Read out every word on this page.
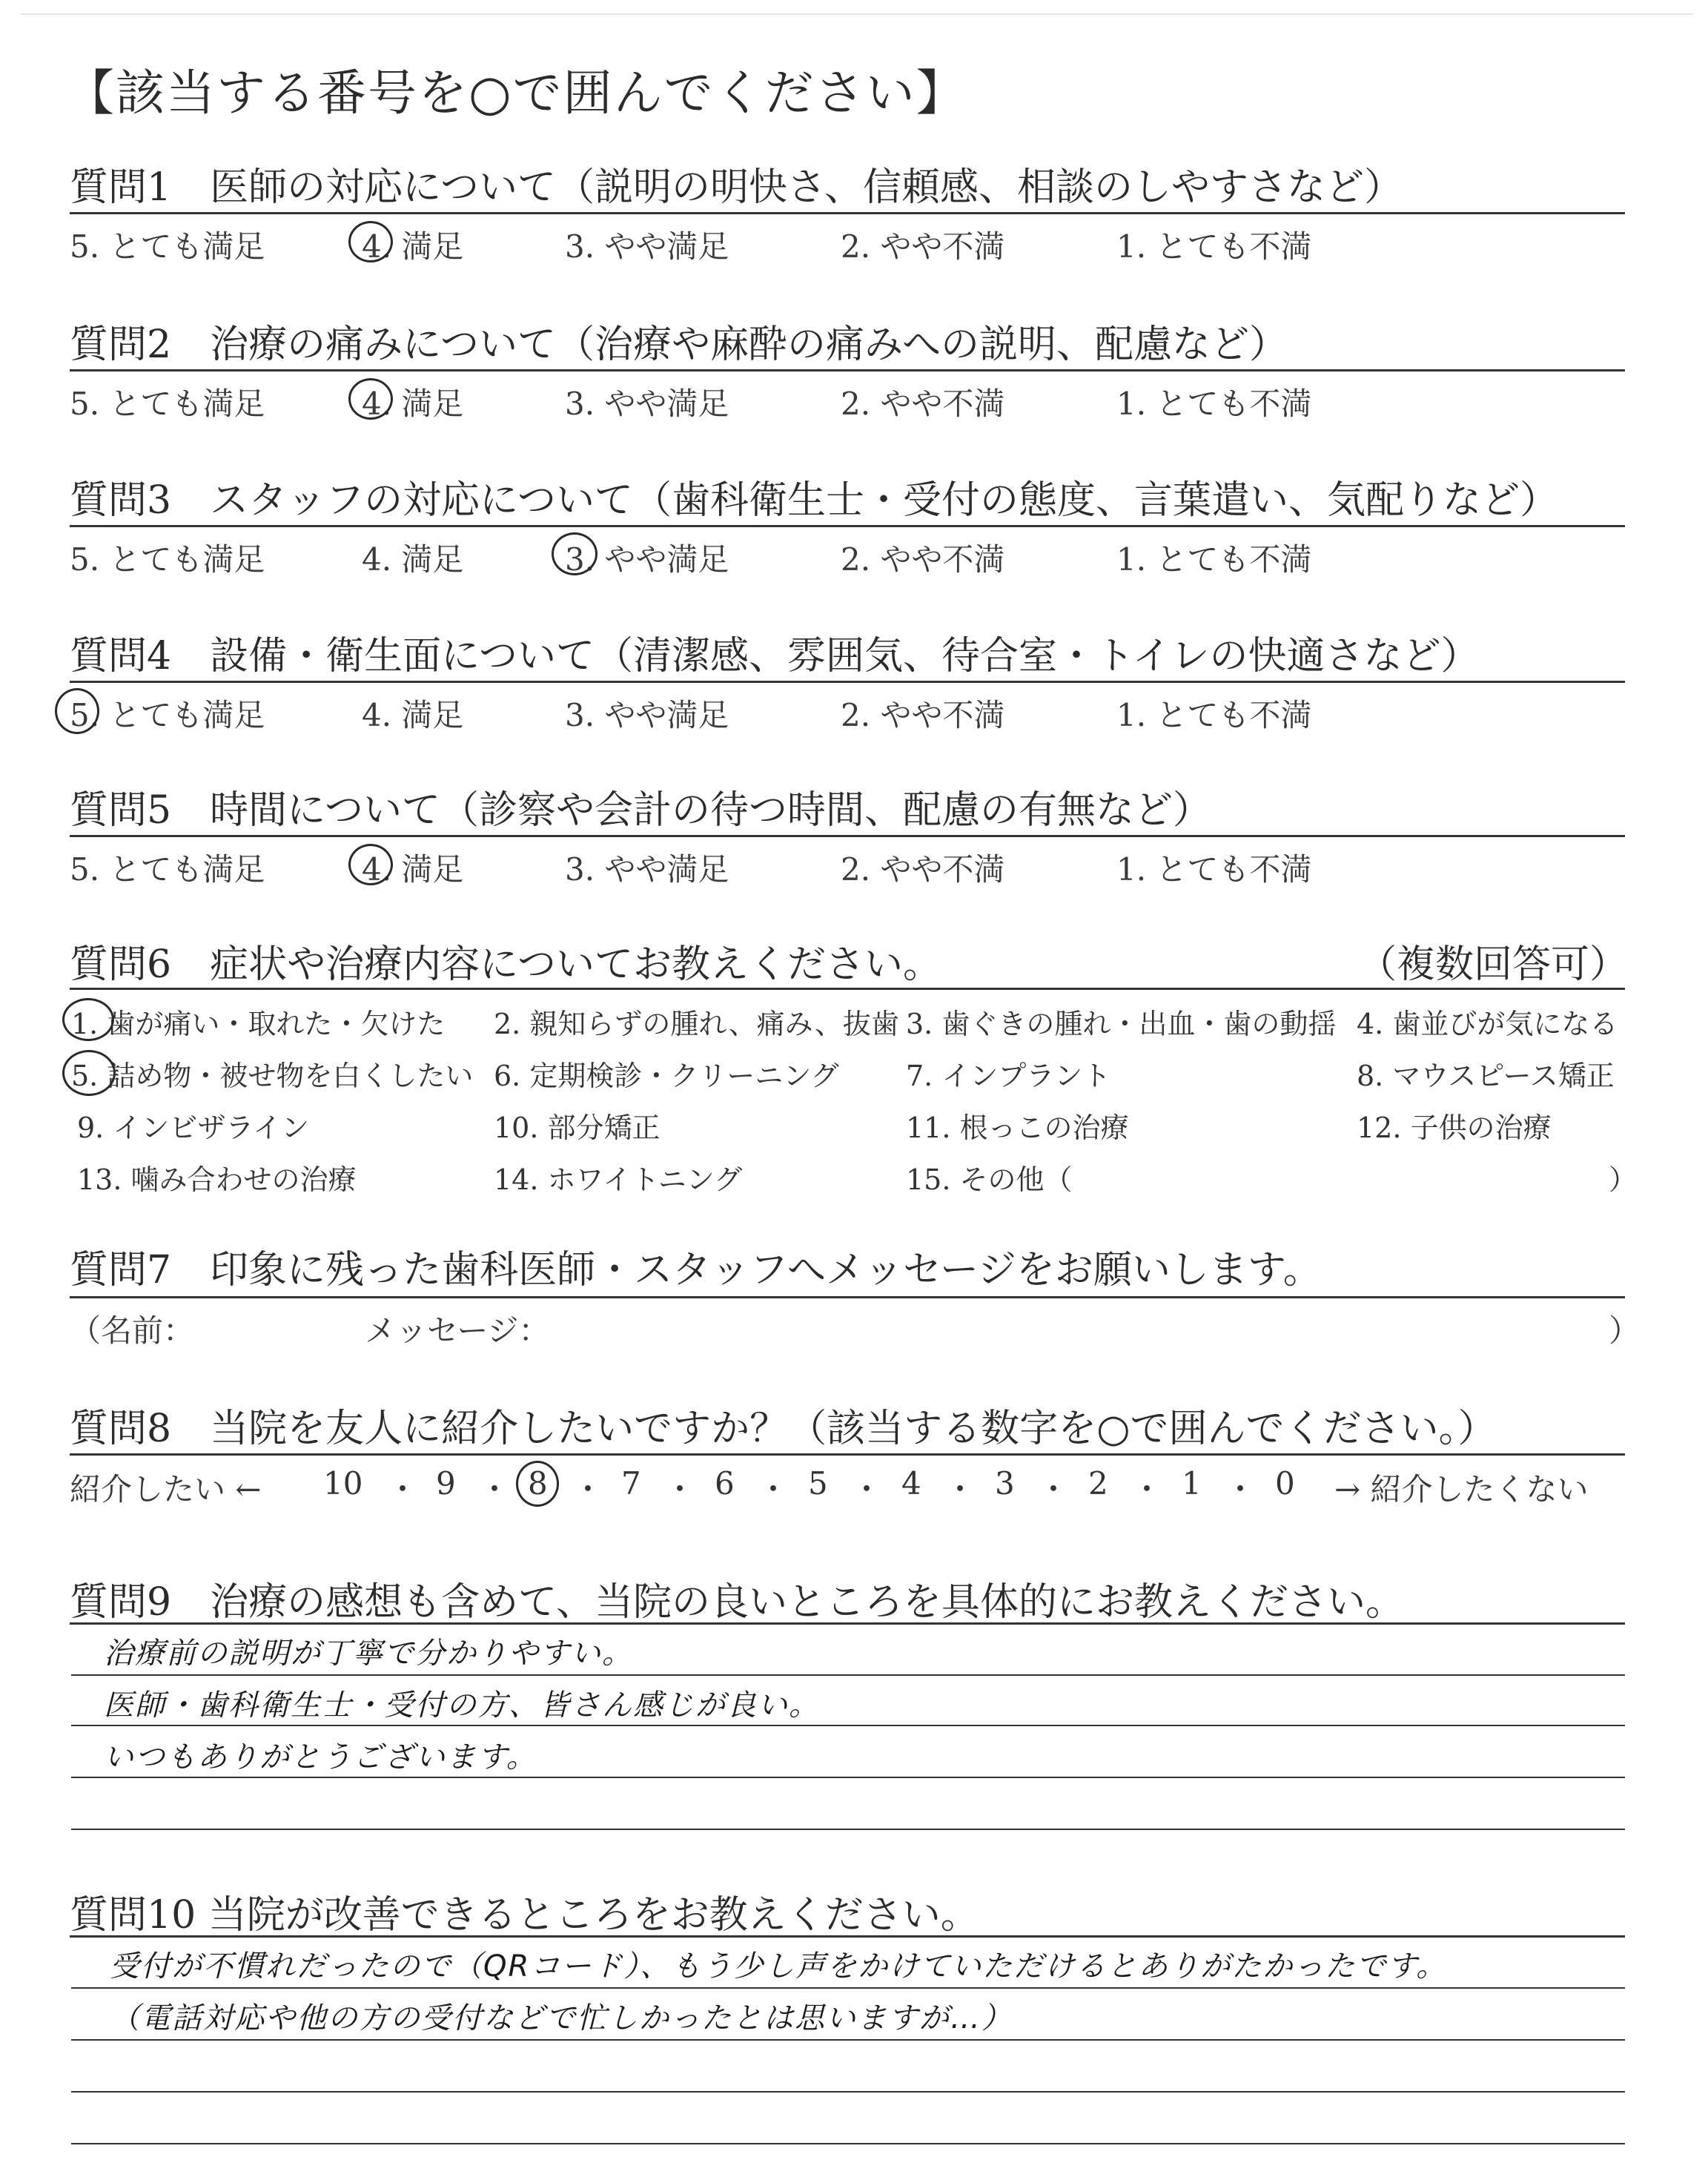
【該当する番号を○で囲んでください】
質問1　医師の対応について（説明の明快さ、信頼感、相談のしやすさなど）
5. とても満足	4. 満足	3. やや満足	2. やや不満	1. とても不満
質問2　治療の痛みについて（治療や麻酔の痛みへの説明、配慮など）
5. とても満足	4. 満足	3. やや満足	2. やや不満	1. とても不満
質問3　スタッフの対応について（歯科衛生士・受付の態度、言葉遣い、気配りなど）
5. とても満足	4. 満足	3. やや満足	2. やや不満	1. とても不満
質問4　設備・衛生面について（清潔感、雰囲気、待合室・トイレの快適さなど）
5. とても満足	4. 満足	3. やや満足	2. やや不満	1. とても不満
質問5　時間について（診察や会計の待つ時間、配慮の有無など）
5. とても満足	4. 満足	3. やや満足	2. やや不満	1. とても不満
質問6　症状や治療内容についてお教えください。	（複数回答可）
1. 歯が痛い・取れた・欠けた 2. 親知らずの腫れ、痛み、抜歯 3. 歯ぐきの腫れ・出血・歯の動揺 4. 歯並びが気になる
5. 詰め物・被せ物を白くしたい 6. 定期検診・クリーニング 7. インプラント	8. マウスピース矯正
9. インビザライン	10. 部分矯正	11. 根っこの治療	12. 子供の治療
13. 噛み合わせの治療	14. ホワイトニング	15. その他（	）
質問7　印象に残った歯科医師・スタッフへメッセージをお願いします。
（名前：	メッセージ：	）
質問8　当院を友人に紹介したいですか？（該当する数字を○で囲んでください。）
紹介したい ← 10 ・ 9 ・ 8 ・ 7 ・ 6 ・ 5 ・ 4 ・ 3 ・ 2 ・ 1 ・ 0 → 紹介したくない
質問9　治療の感想も含めて、当院の良いところを具体的にお教えください。
治療前の説明が丁寧で分かりやすい。
医師・歯科衛生士・受付の方、皆さん感じが良い。
いつもありがとうございます。
質問10 当院が改善できるところをお教えください。
受付が不慣れだったので（QRコード）、もう少し声をかけていただけるとありがたかったです。
（電話対応や他の方の受付などで忙しかったとは思いますが…）
